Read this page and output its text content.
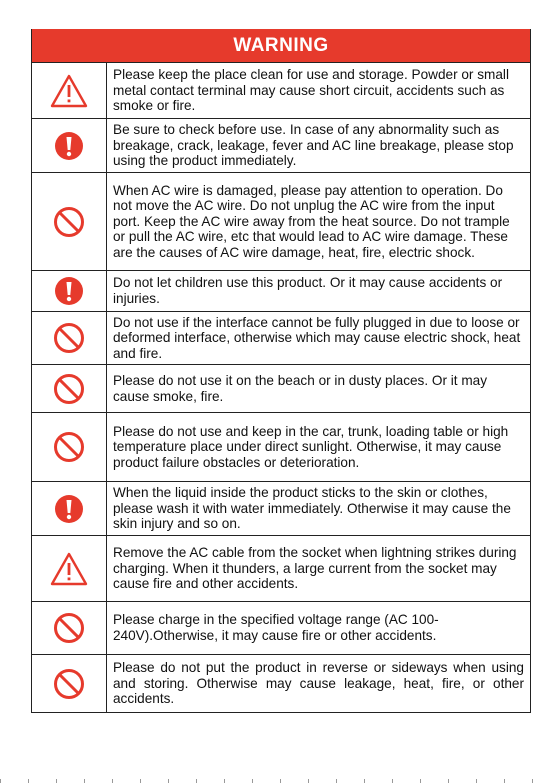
WARNING
Please keep the place clean for use and storage. Powder or small metal contact terminal may cause short circuit, accidents such as smoke or fire.
Be sure to check before use. In case of any abnormality such as breakage, crack, leakage, fever and AC line breakage, please stop using the product immediately.
When AC wire is damaged, please pay attention to operation. Do not move the AC wire. Do not unplug the AC wire from the input port. Keep the AC wire away from the heat source. Do not trample or pull the AC wire, etc that would lead to AC wire damage. These are the causes of AC wire damage, heat, fire, electric shock.
Do not let children use this product. Or it may cause accidents or injuries.
Do not use if the interface cannot be fully plugged in due to loose or deformed interface, otherwise which may cause electric shock, heat and fire.
Please do not use it on the beach or in dusty places. Or it may cause smoke, fire.
Please do not use and keep in the car, trunk, loading table or high temperature place under direct sunlight. Otherwise, it may cause product failure obstacles or deterioration.
When the liquid inside the product sticks to the skin or clothes, please wash it with water immediately. Otherwise it may cause the skin injury and so on.
Remove the AC cable from the socket when lightning strikes during charging. When it thunders, a large current from the socket may cause fire and other accidents.
Please charge in the specified voltage range (AC 100-240V).Otherwise, it may cause fire or other accidents.
Please do not put the product in reverse or sideways when using and storing. Otherwise may cause leakage, heat, fire, or other accidents.
